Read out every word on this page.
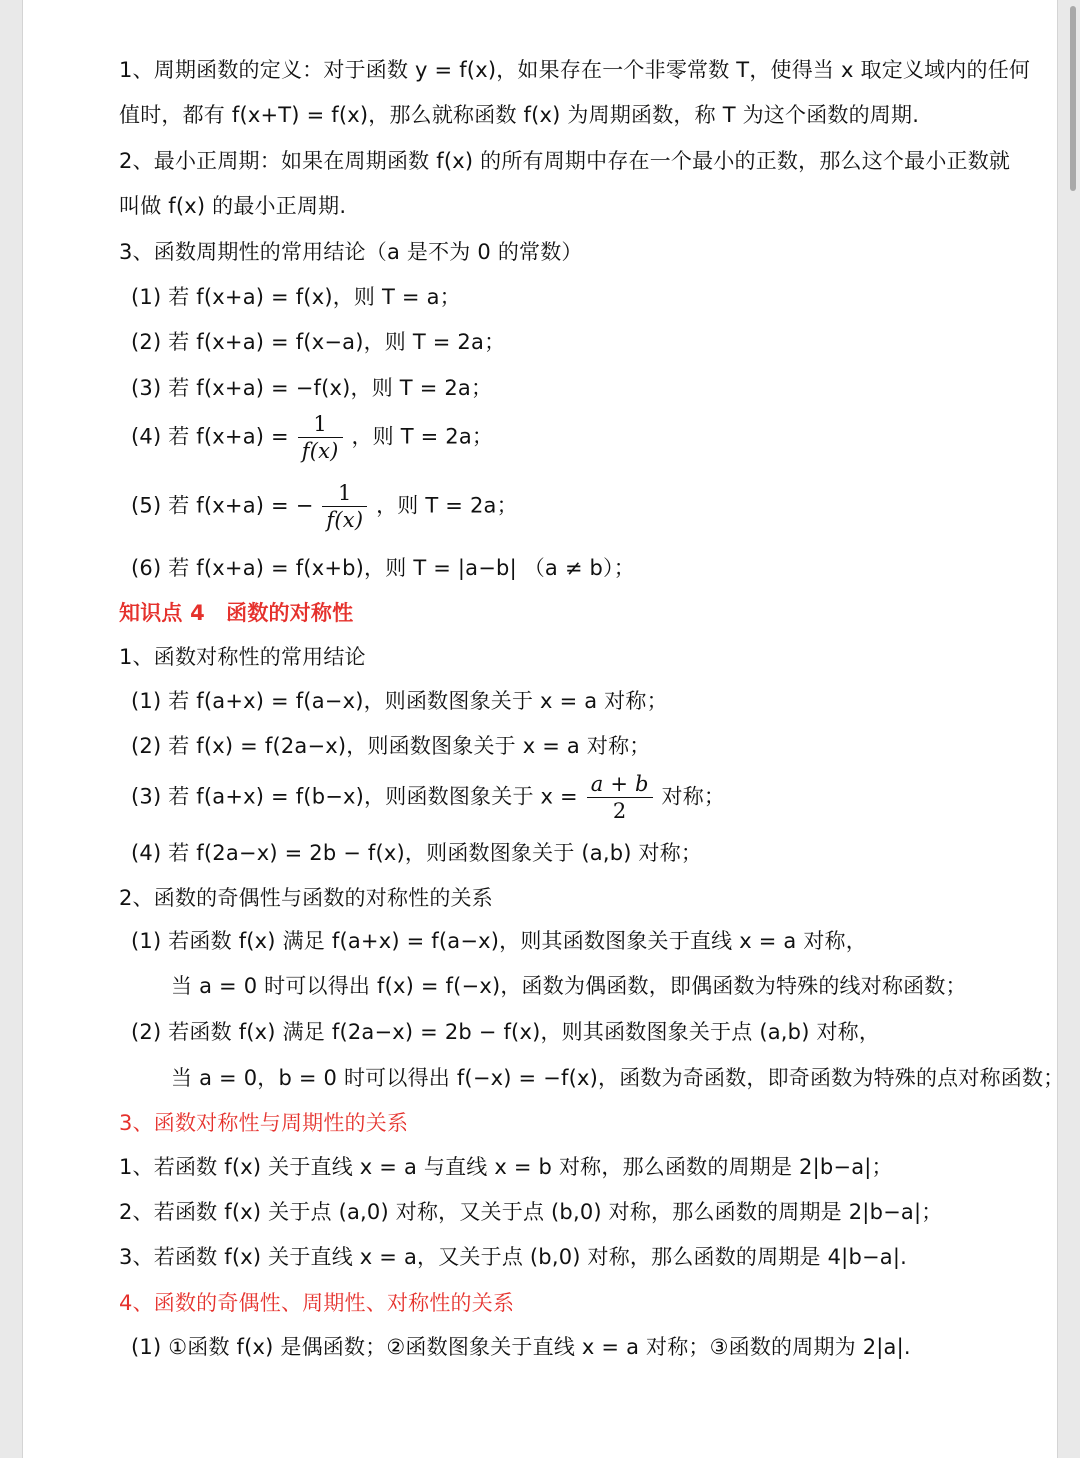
1、周期函数的定义：对于函数 y = f(x)，如果存在一个非零常数 T，使得当 x 取定义域内的任何
值时，都有 f(x+T) = f(x)，那么就称函数 f(x) 为周期函数，称 T 为这个函数的周期.
2、最小正周期：如果在周期函数 f(x) 的所有周期中存在一个最小的正数，那么这个最小正数就
叫做 f(x) 的最小正周期.
3、函数周期性的常用结论（a 是不为 0 的常数）
(1) 若 f(x+a) = f(x)，则 T = a；
(2) 若 f(x+a) = f(x−a)，则 T = 2a；
(3) 若 f(x+a) = −f(x)，则 T = 2a；
(4) 若 $f(x+a) = \frac{1}{f(x)}$ ，则 T = 2a；
(5) 若 f(x+a) = − $\frac{1}{f(x)}$ ，则 T = 2a；
(6) 若 f(x+a) = f(x+b)，则 T = |a−b| （a ≠ b）；
知识点 4　函数的对称性
1、函数对称性的常用结论
(1) 若 f(a+x) = f(a−x)，则函数图象关于 x = a 对称；
(2) 若 f(x) = f(2a−x)，则函数图象关于 x = a 对称；
(3) 若 f(a+x) = f(b−x)，则函数图象关于 $x = \frac{a + b}{2}$ 对称；
(4) 若 f(2a−x) = 2b − f(x)，则函数图象关于 (a,b) 对称；
2、函数的奇偶性与函数的对称性的关系
(1) 若函数 f(x) 满足 f(a+x) = f(a−x)，则其函数图象关于直线 x = a 对称，
当 a = 0 时可以得出 f(x) = f(−x)，函数为偶函数，即偶函数为特殊的线对称函数；
(2) 若函数 f(x) 满足 f(2a−x) = 2b − f(x)，则其函数图象关于点 (a,b) 对称，
当 a = 0，b = 0 时可以得出 f(−x) = −f(x)，函数为奇函数，即奇函数为特殊的点对称函数；
3、函数对称性与周期性的关系
1、若函数 f(x) 关于直线 x = a 与直线 x = b 对称，那么函数的周期是 2|b−a|；
2、若函数 f(x) 关于点 (a,0) 对称，又关于点 (b,0) 对称，那么函数的周期是 2|b−a|；
3、若函数 f(x) 关于直线 x = a，又关于点 (b,0) 对称，那么函数的周期是 4|b−a|.
4、函数的奇偶性、周期性、对称性的关系
(1) ①函数 f(x) 是偶函数；②函数图象关于直线 x = a 对称；③函数的周期为 2|a|.
